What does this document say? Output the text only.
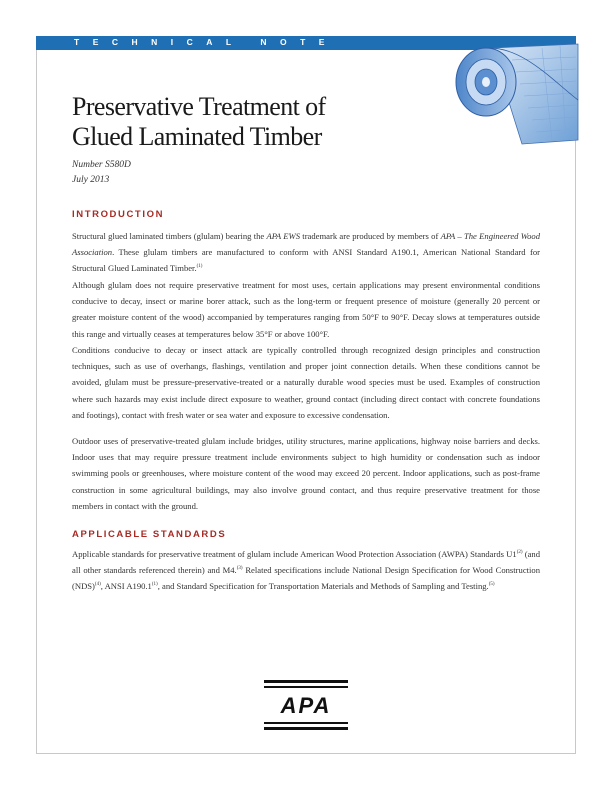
TECHNICAL NOTE
Preservative Treatment of
Glued Laminated Timber
Number S580D
July 2013
INTRODUCTION

Structural glued laminated timbers (glulam) bearing the APA EWS trademark are produced by members of APA – The Engineered Wood Association. These glulam timbers are manufactured to conform with ANSI Standard A190.1, American National Standard for Structural Glued Laminated Timber.$^{(1)}$

Although glulam does not require preservative treatment for most uses, certain applications may present environmental conditions conducive to decay, insect or marine borer attack, such as the long-term or frequent presence of moisture (generally 20 percent or greater moisture content of the wood) accompanied by temperatures ranging from 50°F to 90°F. Decay slows at temperatures outside this range and virtually ceases at temperatures below 35°F or above 100°F.

Conditions conducive to decay or insect attack are typically controlled through recognized design principles and construction techniques, such as use of overhangs, flashings, ventilation and proper joint connection details. When these conditions cannot be avoided, glulam must be pressure-preservative-treated or a naturally durable wood species must be used. Examples of construction where such hazards may exist include direct exposure to weather, ground contact (including direct contact with concrete foundations and footings), contact with fresh water or sea water and exposure to excessive condensation.

Outdoor uses of preservative-treated glulam include bridges, utility structures, marine applications, highway noise barriers and decks. Indoor uses that may require pressure treatment include environments subject to high humidity or condensation such as indoor swimming pools or greenhouses, where moisture content of the wood may exceed 20 percent. Indoor applications, such as post-frame construction in some agricultural buildings, may also involve ground contact, and thus require preservative treatment for those members in contact with the ground.

APPLICABLE STANDARDS

Applicable standards for preservative treatment of glulam include American Wood Protection Association (AWPA) Standards U1$^{(2)}$ (and all other standards referenced therein) and M4.$^{(3)}$ Related specifications include National Design Specification for Wood Construction (NDS)$^{(4)}$, ANSI A190.1$^{(1)}$, and Standard Specification for Transportation Materials and Methods of Sampling and Testing.$^{(5)}$

APA
